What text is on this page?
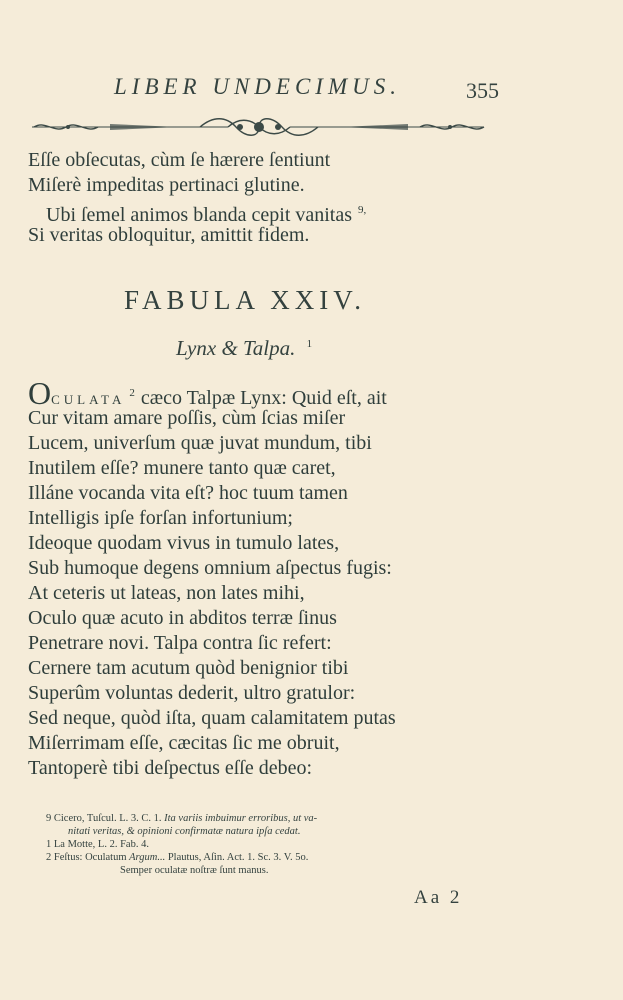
LIBER UNDECIMUS.	355
Eſſe obſecutas, cùm ſe hærere ſentiunt
Miſerè impeditas pertinaci glutine.
Ubi ſemel animos blanda cepit vanitas $^{9,}$
Si veritas obloquitur, amittit fidem.
FABULA XXIV.
Lynx & Talpa. $^1$
OCULATA $^2$ cæco Talpæ Lynx: Quid eſt, ait
Cur vitam amare poſſis, cùm ſcias miſer
Lucem, univerſum quæ juvat mundum, tibi
Inutilem eſſe? munere tanto quæ caret,
Illáne vocanda vita eſt? hoc tuum tamen
Intelligis ipſe forſan infortunium;
Ideoque quodam vivus in tumulo lates,
Sub humoque degens omnium aſpectus fugis:
At ceteris ut lateas, non lates mihi,
Oculo quæ acuto in abditos terræ ſinus
Penetrare novi. Talpa contra ſic refert:
Cernere tam acutum quòd benignior tibi
Superûm voluntas dederit, ultro gratulor:
Sed neque, quòd iſta, quam calamitatem putas
Miſerrimam eſſe, cæcitas ſic me obruit,
Tantoperè tibi deſpectus eſſe debeo:
9 Cicero, Tuſcul. L. 3. C. 1. Ita variis imbuimur erroribus, ut va-
nitati veritas, & opinioni confirmatæ natura ipſa cedat.
1 La Motte, L. 2. Fab. 4.
2 Feſtus: Oculatum Argum... Plautus, Aſin. Act. 1. Sc. 3. V. 5o.
Semper oculatæ noſtræ ſunt manus.
Aa 2
